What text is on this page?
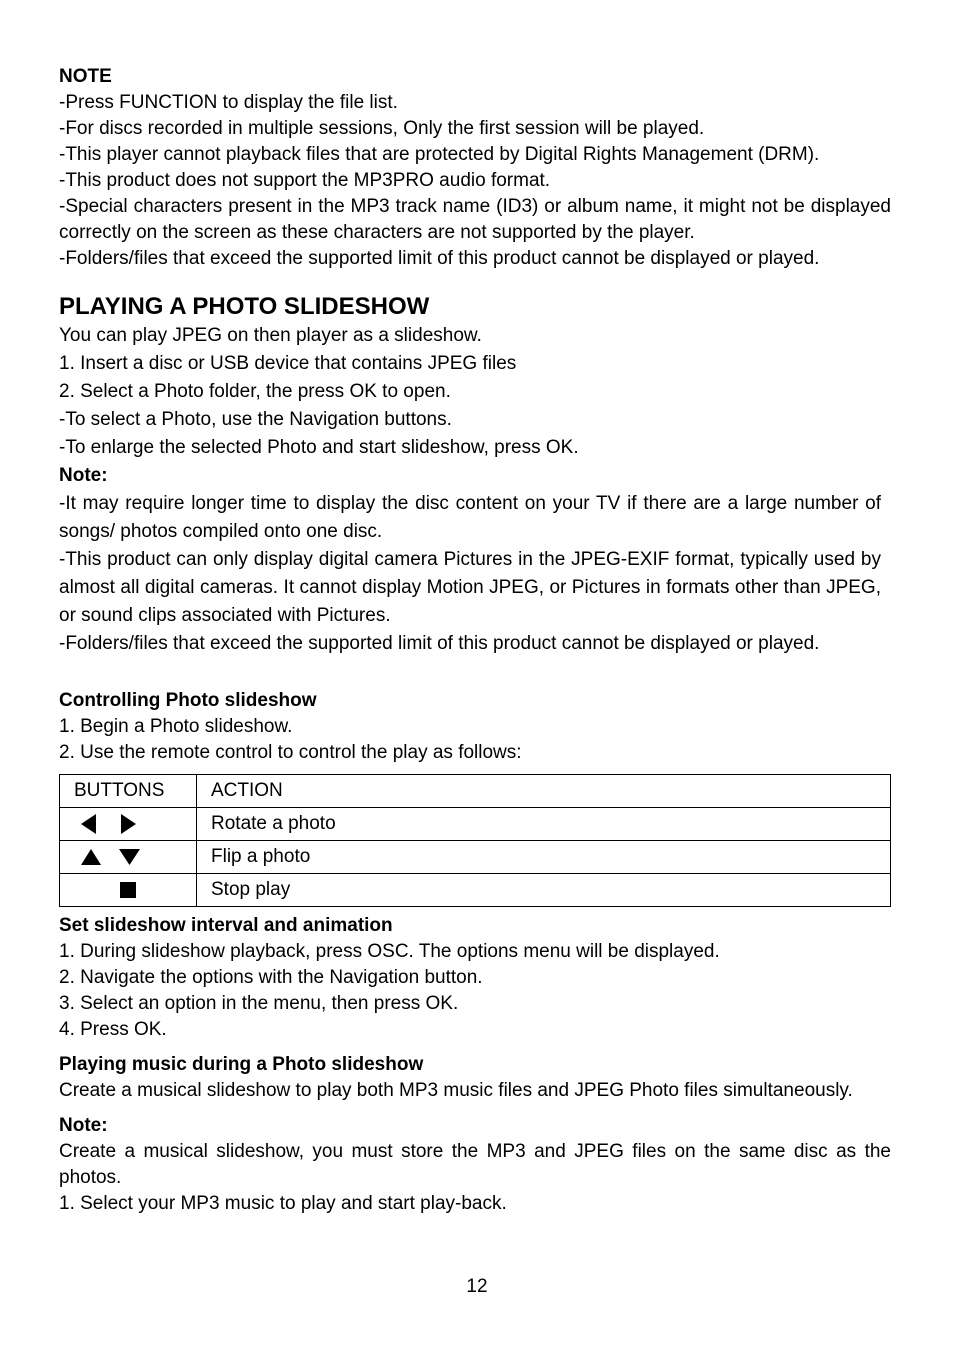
NOTE

-Press FUNCTION to display the file list.

-For discs recorded in multiple sessions, Only the first session will be played.

-This player cannot playback files that are protected by Digital Rights Management (DRM).

-This product does not support the MP3PRO audio format.

-Special characters present in the MP3 track name (ID3) or album name, it might not be displayed correctly on the screen as these characters are not supported by the player.

-Folders/files that exceed the supported limit of this product cannot be displayed or played.

PLAYING A PHOTO SLIDESHOW

You can play JPEG on then player as a slideshow.

1. Insert a disc or USB device that contains JPEG files

2. Select a Photo folder, the press OK to open.

-To select a Photo, use the Navigation buttons.

-To enlarge the selected Photo and start slideshow, press OK.

Note:

-It may require longer time to display the disc content on your TV if there are a large number of songs/ photos compiled onto one disc.

-This product can only display digital camera Pictures in the JPEG-EXIF format, typically used by almost all digital cameras. It cannot display Motion JPEG, or Pictures in formats other than JPEG, or sound clips associated with Pictures.

-Folders/files that exceed the supported limit of this product cannot be displayed or played.

Controlling Photo slideshow

1. Begin a Photo slideshow.

2. Use the remote control to control the play as follows:

BUTTONS	ACTION
	Rotate a photo
	Flip a photo
	Stop play

Set slideshow interval and animation

1. During slideshow playback, press OSC. The options menu will be displayed.

2. Navigate the options with the Navigation button.

3. Select an option in the menu, then press OK.

4. Press OK.

Playing music during a Photo slideshow

Create a musical slideshow to play both MP3 music files and JPEG Photo files simultaneously.

Note:

Create a musical slideshow, you must store the MP3 and JPEG files on the same disc as the photos.

1. Select your MP3 music to play and start play-back.

12
